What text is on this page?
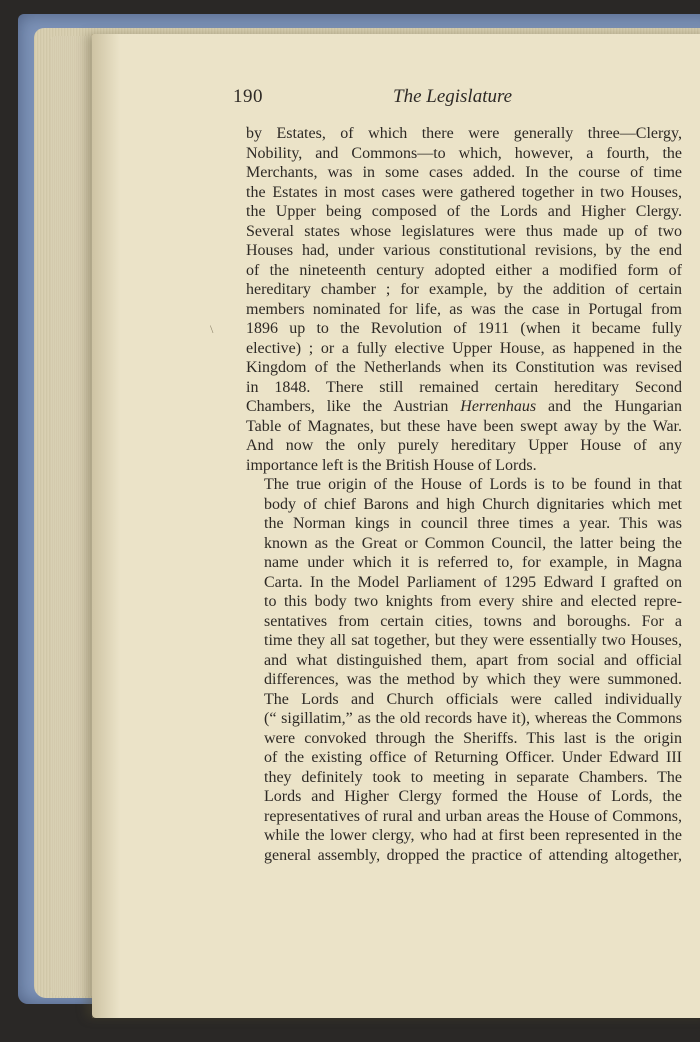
190	The Legislature
\

by Estates, of which there were generally three—Clergy,
Nobility, and Commons—to which, however, a fourth, the
Merchants, was in some cases added. In the course of time
the Estates in most cases were gathered together in two Houses,
the Upper being composed of the Lords and Higher Clergy.
Several states whose legislatures were thus made up of two
Houses had, under various constitutional revisions, by the end
of the nineteenth century adopted either a modified form of
hereditary chamber ; for example, by the addition of certain
members nominated for life, as was the case in Portugal from
1896 up to the Revolution of 1911 (when it became fully
elective) ; or a fully elective Upper House, as happened in the
Kingdom of the Netherlands when its Constitution was revised
in 1848. There still remained certain hereditary Second
Chambers, like the Austrian Herrenhaus and the Hungarian
Table of Magnates, but these have been swept away by the War.
And now the only purely hereditary Upper House of any
importance left is the British House of Lords.

The true origin of the House of Lords is to be found in that
body of chief Barons and high Church dignitaries which met
the Norman kings in council three times a year. This was
known as the Great or Common Council, the latter being the
name under which it is referred to, for example, in Magna
Carta. In the Model Parliament of 1295 Edward I grafted on
to this body two knights from every shire and elected repre-
sentatives from certain cities, towns and boroughs. For a
time they all sat together, but they were essentially two Houses,
and what distinguished them, apart from social and official
differences, was the method by which they were summoned.
The Lords and Church officials were called individually
(“ sigillatim,” as the old records have it), whereas the Commons
were convoked through the Sheriffs. This last is the origin
of the existing office of Returning Officer. Under Edward III
they definitely took to meeting in separate Chambers. The
Lords and Higher Clergy formed the House of Lords, the
representatives of rural and urban areas the House of Commons,
while the lower clergy, who had at first been represented in the
general assembly, dropped the practice of attending altogether,
